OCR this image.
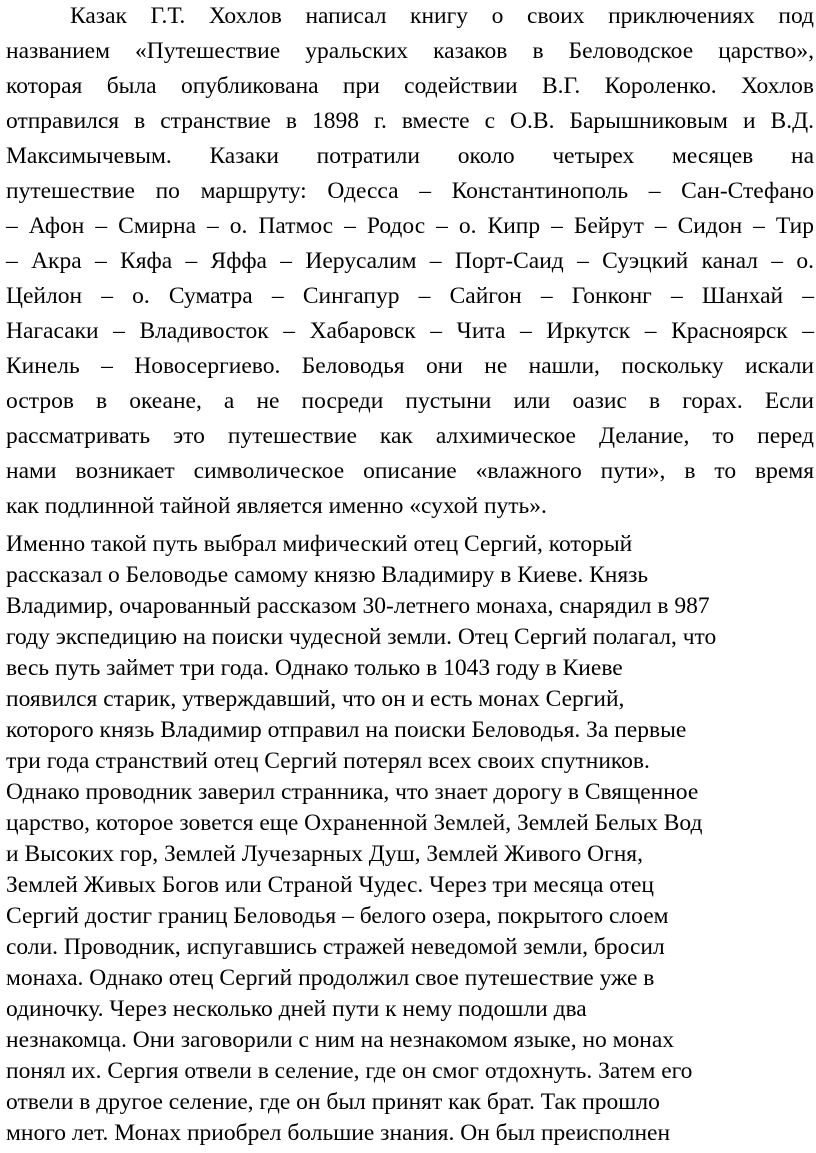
Казак Г.Т. Хохлов написал книгу о своих приключениях под
названием «Путешествие уральских казаков в Беловодское царство»,
которая была опубликована при содействии В.Г. Короленко. Хохлов
отправился в странствие в 1898 г. вместе с О.В. Барышниковым и В.Д.
Максимычевым. Казаки потратили около четырех месяцев на
путешествие по маршруту: Одесса – Константинополь – Сан-Стефано
– Афон – Смирна – о. Патмос – Родос – о. Кипр – Бейрут – Сидон – Тир
– Акра – Кяфа – Яффа – Иерусалим – Порт-Саид – Суэцкий канал – о.
Цейлон – о. Суматра – Сингапур – Сайгон – Гонконг – Шанхай –
Нагасаки – Владивосток – Хабаровск – Чита – Иркутск – Красноярск –
Кинель – Новосергиево. Беловодья они не нашли, поскольку искали
остров в океане, а не посреди пустыни или оазис в горах. Если
рассматривать это путешествие как алхимическое Делание, то перед
нами возникает символическое описание «влажного пути», в то время
как подлинной тайной является именно «сухой путь».
Именно такой путь выбрал мифический отец Сергий, который
рассказал о Беловодье самому князю Владимиру в Киеве. Князь
Владимир, очарованный рассказом 30-летнего монаха, снарядил в 987
году экспедицию на поиски чудесной земли. Отец Сергий полагал, что
весь путь займет три года. Однако только в 1043 году в Киеве
появился старик, утверждавший, что он и есть монах Сергий,
которого князь Владимир отправил на поиски Беловодья. За первые
три года странствий отец Сергий потерял всех своих спутников.
Однако проводник заверил странника, что знает дорогу в Священное
царство, которое зовется еще Охраненной Землей, Землей Белых Вод
и Высоких гор, Землей Лучезарных Душ, Землей Живого Огня,
Землей Живых Богов или Страной Чудес. Через три месяца отец
Сергий достиг границ Беловодья – белого озера, покрытого слоем
соли. Проводник, испугавшись стражей неведомой земли, бросил
монаха. Однако отец Сергий продолжил свое путешествие уже в
одиночку. Через несколько дней пути к нему подошли два
незнакомца. Они заговорили с ним на незнакомом языке, но монах
понял их. Сергия отвели в селение, где он смог отдохнуть. Затем его
отвели в другое селение, где он был принят как брат. Так прошло
много лет. Монах приобрел большие знания. Он был преисполнен
